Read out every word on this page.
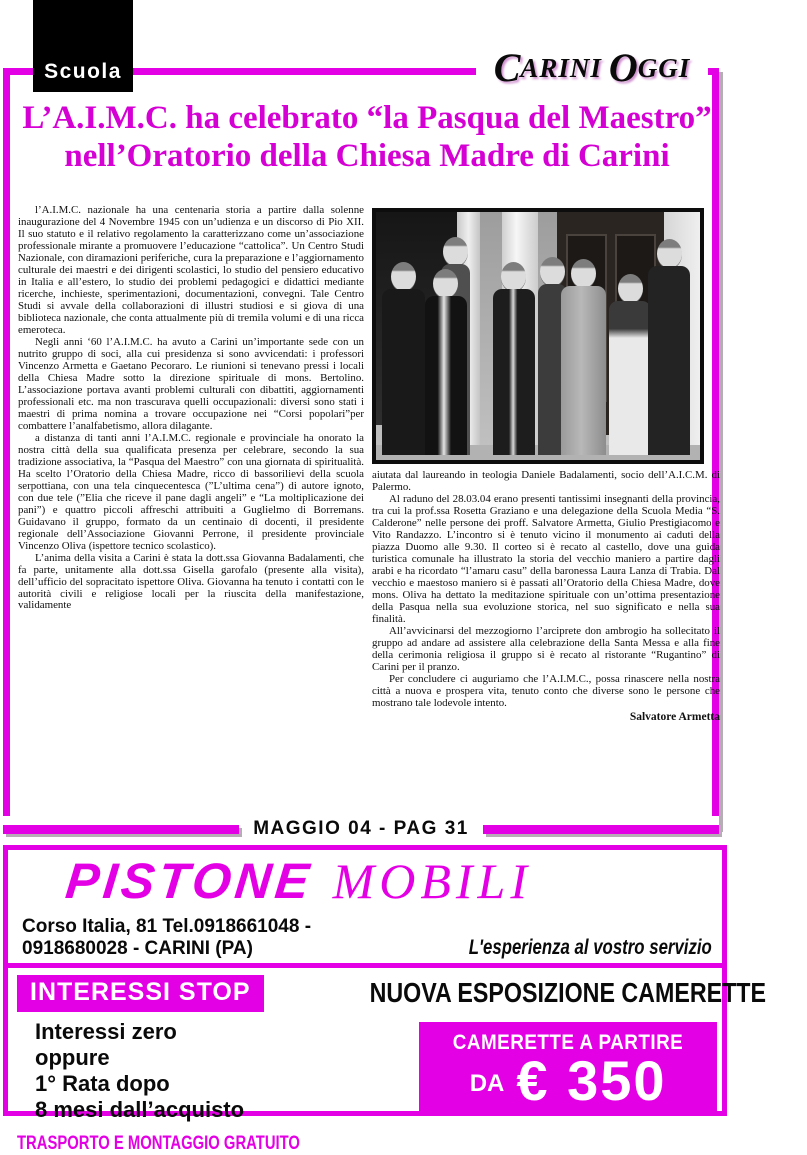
Scuola	C ARINI O GGI
L’A.I.M.C. ha celebrato “la Pasqua del Maestro”
nell’Oratorio della Chiesa Madre di Carini

l’A.I.M.C. nazionale ha una centenaria storia a partire dalla solenne inaugurazione del 4 Novembre 1945 con un’udienza e un discorso di Pio XII. Il suo statuto e il relativo regolamento la caratterizzano come un’associazione professionale mirante a promuovere l’educazione “cattolica”. Un Centro Studi Nazionale, con diramazioni periferiche, cura la preparazione e l’aggiornamento culturale dei maestri e dei dirigenti scolastici, lo studio del pensiero educativo in Italia e all’estero, lo studio dei problemi pedagogici e didattici mediante ricerche, inchieste, sperimentazioni, documentazioni, convegni. Tale Centro Studi si avvale della collaborazioni di illustri studiosi e si giova di una biblioteca nazionale, che conta attualmente più di tremila volumi e di una ricca emeroteca.

Negli anni ‘60 l’A.I.M.C. ha avuto a Carini un’importante sede con un nutrito gruppo di soci, alla cui presidenza si sono avvicendati: i professori Vincenzo Armetta e Gaetano Pecoraro. Le riunioni si tenevano pressi i locali della Chiesa Madre sotto la direzione spirituale di mons. Bertolino. L’associazione portava avanti problemi culturali con dibattiti, aggiornamenti professionali etc. ma non trascurava quelli occupazionali: diversi sono stati i maestri di prima nomina a trovare occupazione nei “Corsi popolari”per combattere l’analfabetismo, allora dilagante.

a distanza di tanti anni l’A.I.M.C. regionale e provinciale ha onorato la nostra città della sua qualificata presenza per celebrare, secondo la sua tradizione associativa, la “Pasqua del Maestro” con una giornata di spiritualità. Ha scelto l’Oratorio della Chiesa Madre, ricco di bassorilievi della scuola serpottiana, con una tela cinquecentesca (”L’ultima cena”) di autore ignoto, con due tele (”Elia che riceve il pane dagli angeli” e “La moltiplicazione dei pani”) e quattro piccoli affreschi attribuiti a Guglielmo di Borremans. Guidavano il gruppo, formato da un centinaio di docenti, il presidente regionale dell’Associazione Giovanni Perrone, il presidente provinciale Vincenzo Oliva (ispettore tecnico scolastico).

L’anima della visita a Carini è stata la dott.ssa Giovanna Badalamenti, che fa parte, unitamente alla dott.ssa Gisella garofalo (presente alla visita), dell’ufficio del sopracitato ispettore Oliva. Giovanna ha tenuto i contatti con le autorità civili e religiose locali per la riuscita della manifestazione, validamente

aiutata dal laureando in teologia Daniele Badalamenti, socio dell’A.I.C.M. di Palermo.

Al raduno del 28.03.04 erano presenti tantissimi insegnanti della provincia, tra cui la prof.ssa Rosetta Graziano e una delegazione della Scuola Media “S. Calderone” nelle persone dei proff. Salvatore Armetta, Giulio Prestigiacomo e Vito Randazzo. L’incontro si è tenuto vicino il monumento ai caduti della piazza Duomo alle 9.30. Il corteo si è recato al castello, dove una guida turistica comunale ha illustrato la storia del vecchio maniero a partire dagli arabi e ha ricordato “l’amaru casu” della baronessa Laura Lanza di Trabia. Dal vecchio e maestoso maniero si è passati all’Oratorio della Chiesa Madre, dove mons. Oliva ha dettato la meditazione spirituale con un’ottima presentazione della Pasqua nella sua evoluzione storica, nel suo significato e nella sua finalità.

All’avvicinarsi del mezzogiorno l’arciprete don ambrogio ha sollecitato il gruppo ad andare ad assistere alla celebrazione della Santa Messa e alla fine della cerimonia religiosa il gruppo si è recato al ristorante “Rugantino” di Carini per il pranzo.

Per concludere ci auguriamo che l’A.I.M.C., possa rinascere nella nostra città a nuova e prospera vita, tenuto conto che diverse sono le persone che mostrano tale lodevole intento.

Salvatore Armetta
MAGGIO 04 - PAG 31
PISTONE MOBILI
Corso Italia, 81 Tel.0918661048 - 0918680028 - CARINI (PA)	L'esperienza al vostro servizio
INTERESSI STOP
Interessi zero
oppure
1° Rata dopo
8 mesi dall’acquisto
TRASPORTO E MONTAGGIO GRATUITO
NUOVA ESPOSIZIONE CAMERETTE
CAMERETTE A PARTIRE
DA € 350
